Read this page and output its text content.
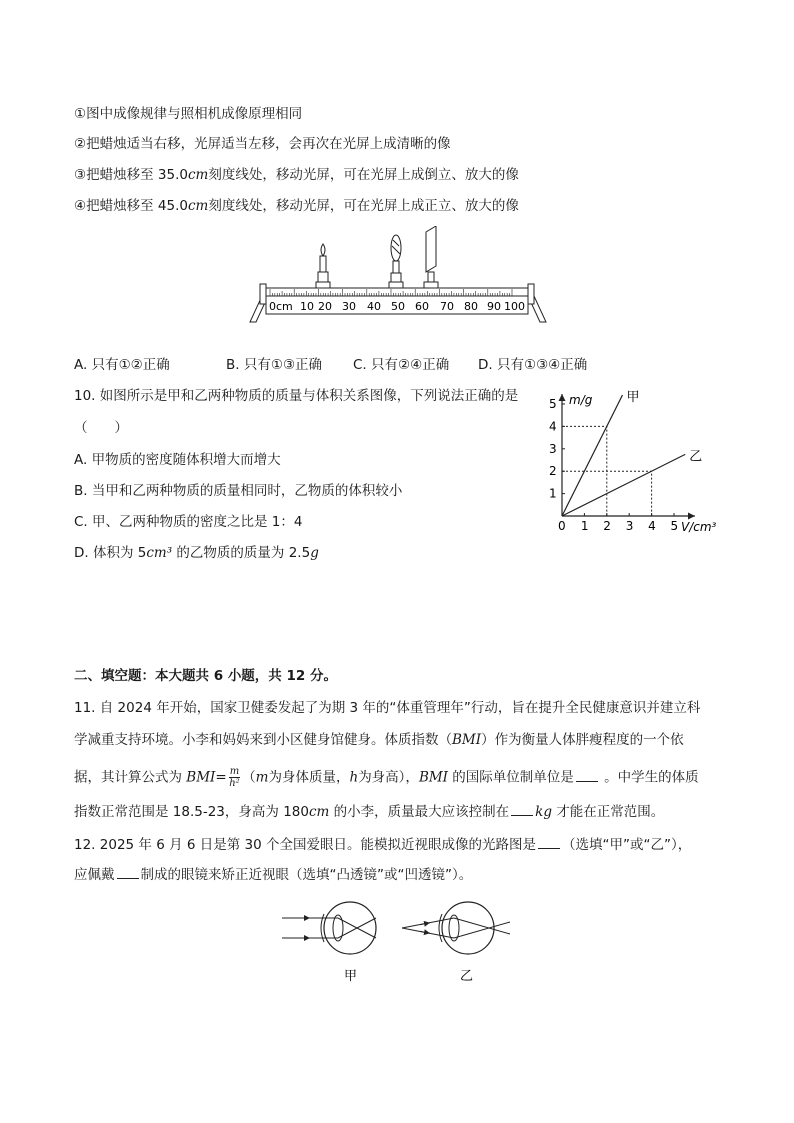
①图中成像规律与照相机成像原理相同
②把蜡烛适当右移，光屏适当左移，会再次在光屏上成清晰的像
③把蜡烛移至 35.0cm刻度线处，移动光屏，可在光屏上成倒立、放大的像
④把蜡烛移至 45.0cm刻度线处，移动光屏，可在光屏上成正立、放大的像
0cm 10 20 30 40 50 60 70 80 90 100
A. 只有①②正确	B. 只有①③正确 C. 只有②④正确 D. 只有①③④正确
10. 如图所示是甲和乙两种物质的质量与体积关系图像，下列说法正确的是
（　　）
A. 甲物质的密度随体积增大而增大
B. 当甲和乙两种物质的质量相同时，乙物质的体积较小
C. 甲、乙两种物质的密度之比是 1：4
D. 体积为 5cm³ 的乙物质的质量为 2.5g
m/g
V/cm³
0 1 2 3 4 5
1
2
3
4
5	甲
乙
二、填空题：本大题共 6 小题，共 12 分。
11. 自 2024 年开始，国家卫健委发起了为期 3 年的“体重管理年”行动，旨在提升全民健康意识并建立科
学减重支持环境。小李和妈妈来到小区健身馆健身。体质指数（BMI）作为衡量人体胖瘦程度的一个依
据，其计算公式为 $BMI= \frac{m}{\text{h²}} (m$为身体质量，h为身高），BMI 的国际单位制单位是 。中学生的体质
指数正常范围是 18.5-23，身高为 180cm 的小李，质量最大应该控制在 kg 才能在正常范围。
12. 2025 年 6 月 6 日是第 30 个全国爱眼日。能模拟近视眼成像的光路图是 （选填“甲”或“乙”），
应佩戴 制成的眼镜来矫正近视眼（选填“凸透镜”或“凹透镜”）。
甲	乙
